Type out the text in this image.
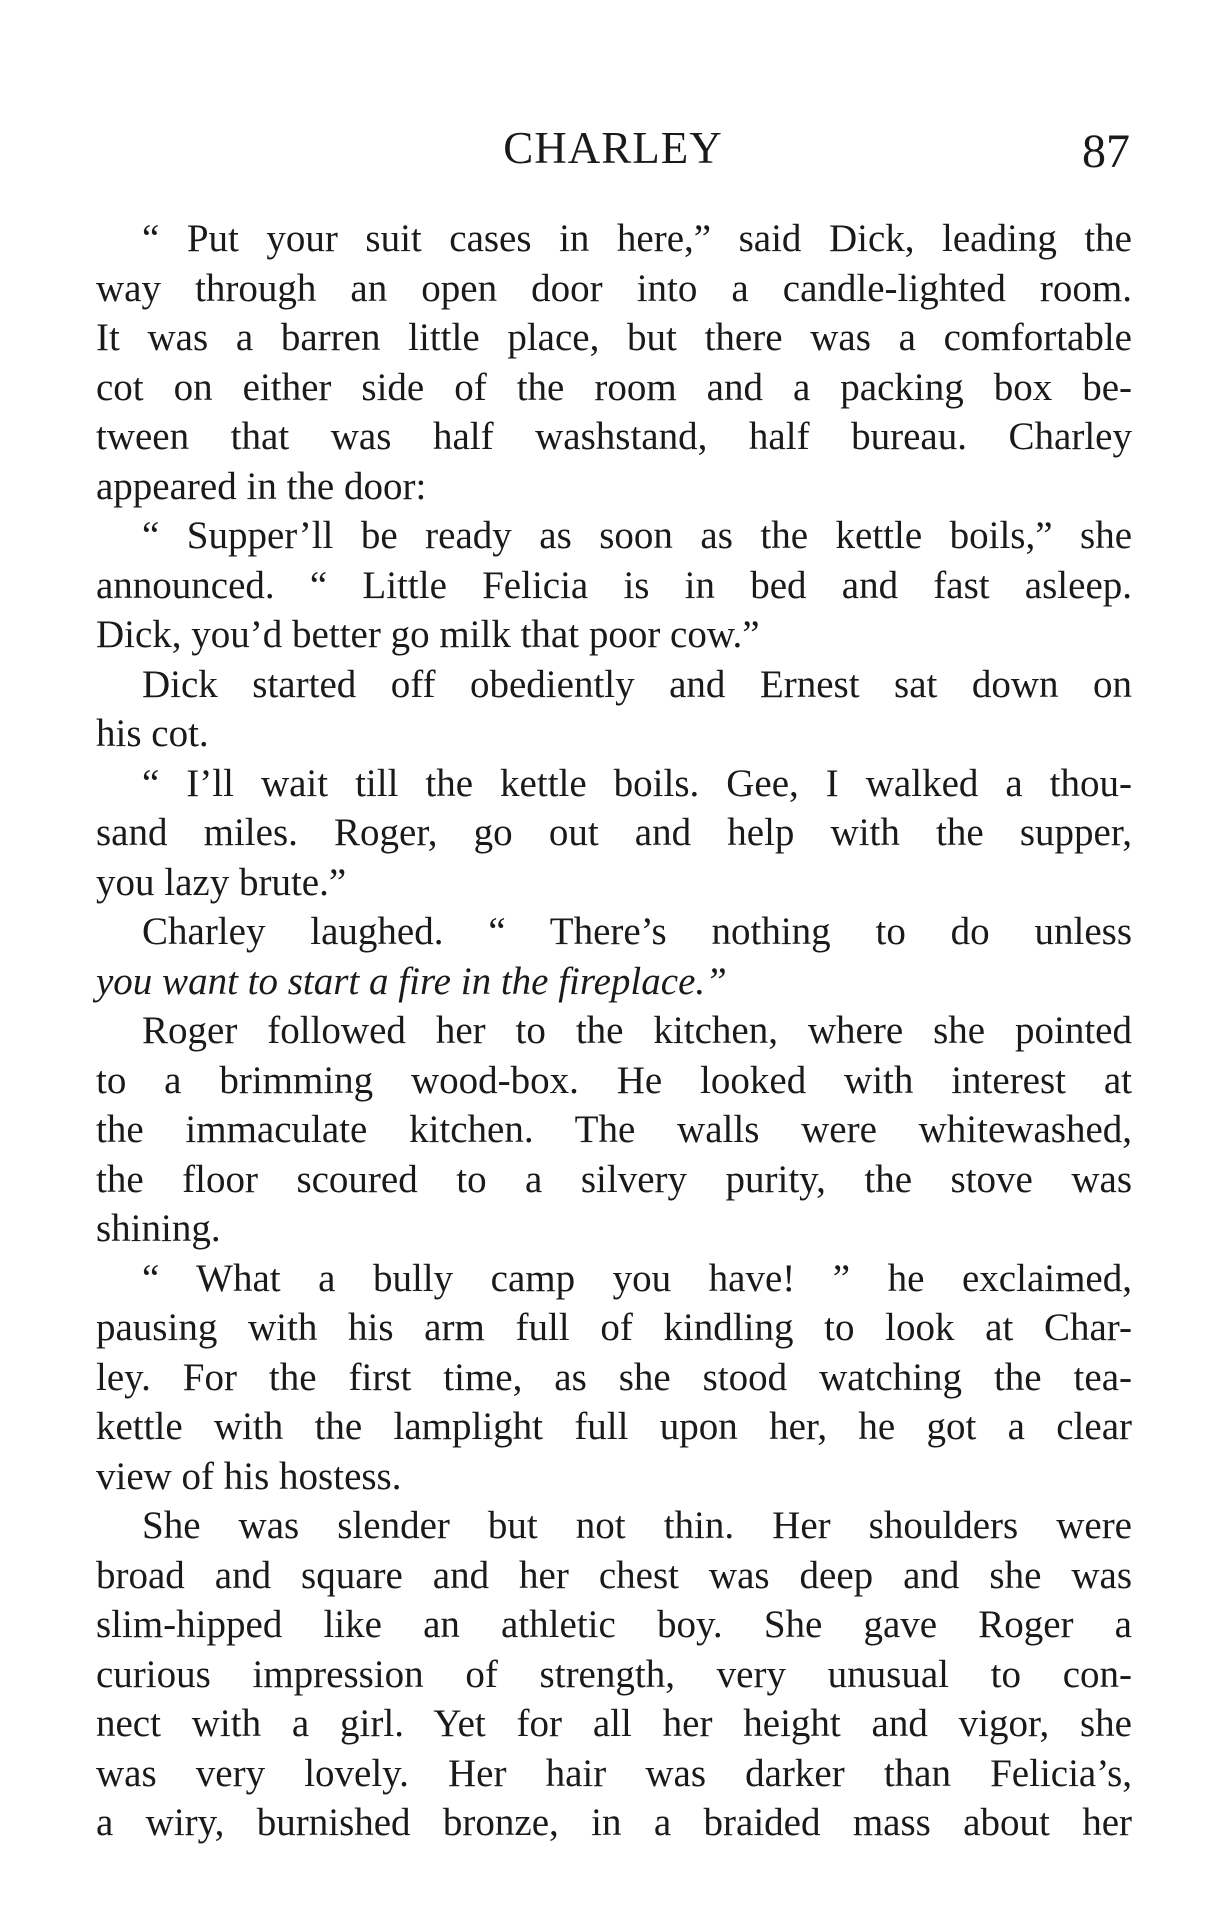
CHARLEY	87
“ Put your suit cases in here,” said Dick, leading the
way through an open door into a candle-lighted room.
It was a barren little place, but there was a comfortable
cot on either side of the room and a packing box be-
tween that was half washstand, half bureau. Charley
appeared in the door:
“ Supper’ll be ready as soon as the kettle boils,” she
announced. “ Little Felicia is in bed and fast asleep.
Dick, you’d better go milk that poor cow.”
Dick started off obediently and Ernest sat down on
his cot.
“ I’ll wait till the kettle boils. Gee, I walked a thou-
sand miles. Roger, go out and help with the supper,
you lazy brute.”
Charley laughed. “ There’s nothing to do unless
you want to start a fire in the fireplace.”
Roger followed her to the kitchen, where she pointed
to a brimming wood-box. He looked with interest at
the immaculate kitchen. The walls were whitewashed,
the floor scoured to a silvery purity, the stove was
shining.
“ What a bully camp you have! ” he exclaimed,
pausing with his arm full of kindling to look at Char-
ley. For the first time, as she stood watching the tea-
kettle with the lamplight full upon her, he got a clear
view of his hostess.
She was slender but not thin. Her shoulders were
broad and square and her chest was deep and she was
slim-hipped like an athletic boy. She gave Roger a
curious impression of strength, very unusual to con-
nect with a girl. Yet for all her height and vigor, she
was very lovely. Her hair was darker than Felicia’s,
a wiry, burnished bronze, in a braided mass about her
